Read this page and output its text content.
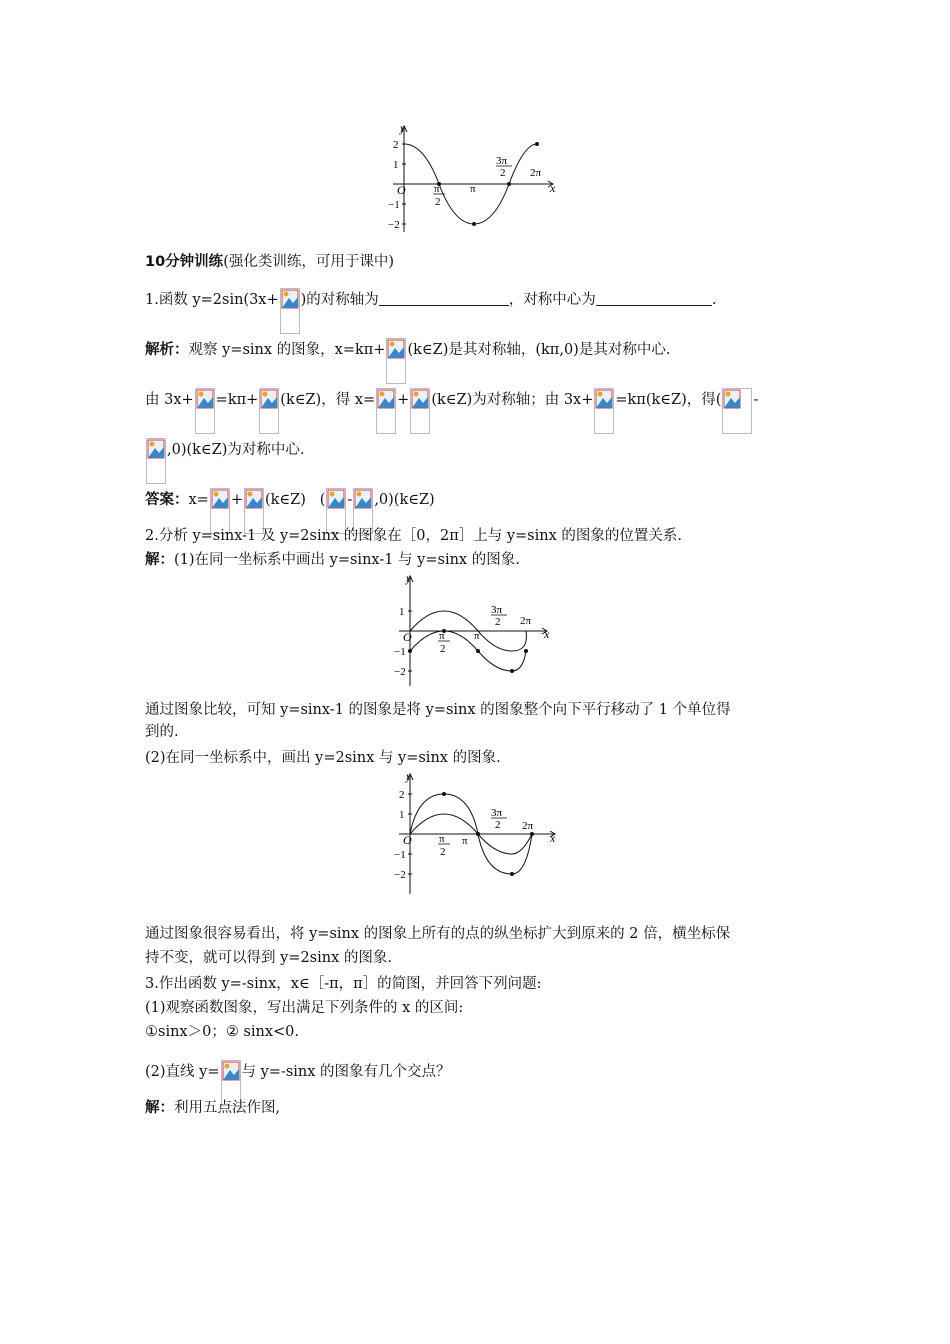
y
x
O
2
1
−1
−2
π
2
π
3π
2 2π
10分钟训练(强化类训练，可用于课中)
1.函数 y=2sin(3x+ )的对称轴为	，对称中心为	.
解析：观察 y=sinx 的图象，x=kπ+ (k∈Z)是其对称轴，(kπ,0)是其对称中心.
由 3x+ =kπ+ (k∈Z)，得 x= + (k∈Z)为对称轴；由 3x+ =kπ(k∈Z)，得( -
,0)(k∈Z)为对称中心.
答案：x= + (k∈Z) ( - ,0)(k∈Z)
2.分析 y=sinx-1 及 y=2sinx 的图象在［0，2π］上与 y=sinx 的图象的位置关系.
解：(1)在同一坐标系中画出 y=sinx-1 与 y=sinx 的图象.
y
x
O
1
−1
−2
π
2
π
3π
2 2π
通过图象比较，可知 y=sinx-1 的图象是将 y=sinx 的图象整个向下平行移动了 1 个单位得
到的.
(2)在同一坐标系中，画出 y=2sinx 与 y=sinx 的图象.
y
x
O
2
1
−1
−2
π
2
π
3π
2 2π
通过图象很容易看出，将 y=sinx 的图象上所有的点的纵坐标扩大到原来的 2 倍，横坐标保
持不变，就可以得到 y=2sinx 的图象.
3.作出函数 y=-sinx，x∈［-π，π］的简图，并回答下列问题:
(1)观察函数图象，写出满足下列条件的 x 的区间:
①sinx＞0；② sinx<0.
(2)直线 y= 与 y=-sinx 的图象有几个交点？
解：利用五点法作图,
